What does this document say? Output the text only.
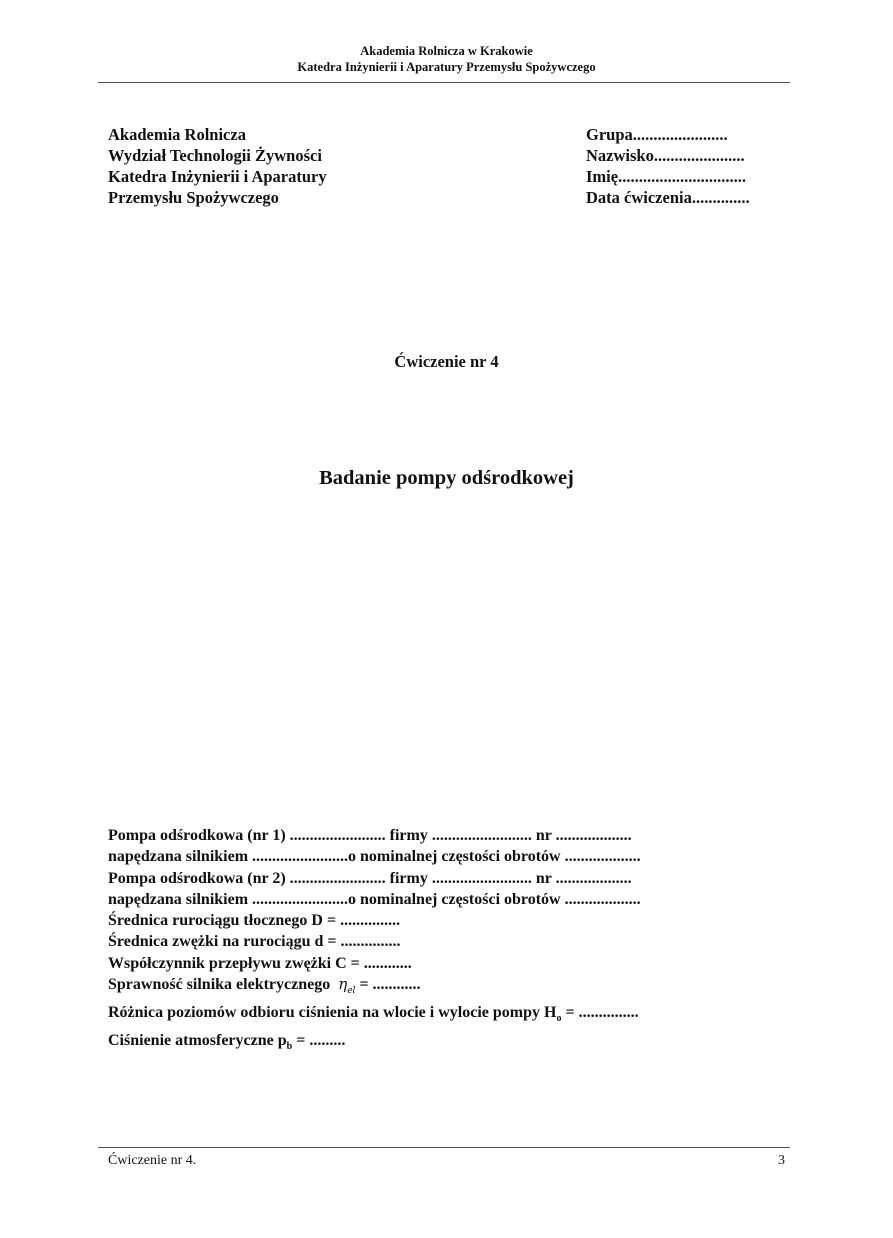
Akademia Rolnicza w Krakowie
Katedra Inżynierii i Aparatury Przemysłu Spożywczego
Akademia Rolnicza
Wydział Technologii Żywności
Katedra Inżynierii i Aparatury
Przemysłu Spożywczego
Grupa.......................
Nazwisko......................
Imię...............................
Data ćwiczenia..............
Ćwiczenie nr 4
Badanie pompy odśrodkowej
Pompa odśrodkowa (nr 1) ........................ firmy ......................... nr ...................
napędzana silnikiem ........................o nominalnej częstości obrotów ...................
Pompa odśrodkowa (nr 2) ........................ firmy ......................... nr ...................
napędzana silnikiem ........................o nominalnej częstości obrotów ...................
Średnica rurociągu tłocznego D = ...............
Średnica zwężki na rurociągu d = ...............
Współczynnik przepływu zwężki C = ............
Sprawność silnika elektrycznego $\eta_{el}$ = ............
Różnica poziomów odbioru ciśnienia na wlocie i wylocie pompy $H_o$ = ...............
Ciśnienie atmosferyczne $p_b$ = .........
Ćwiczenie nr 4.	3
